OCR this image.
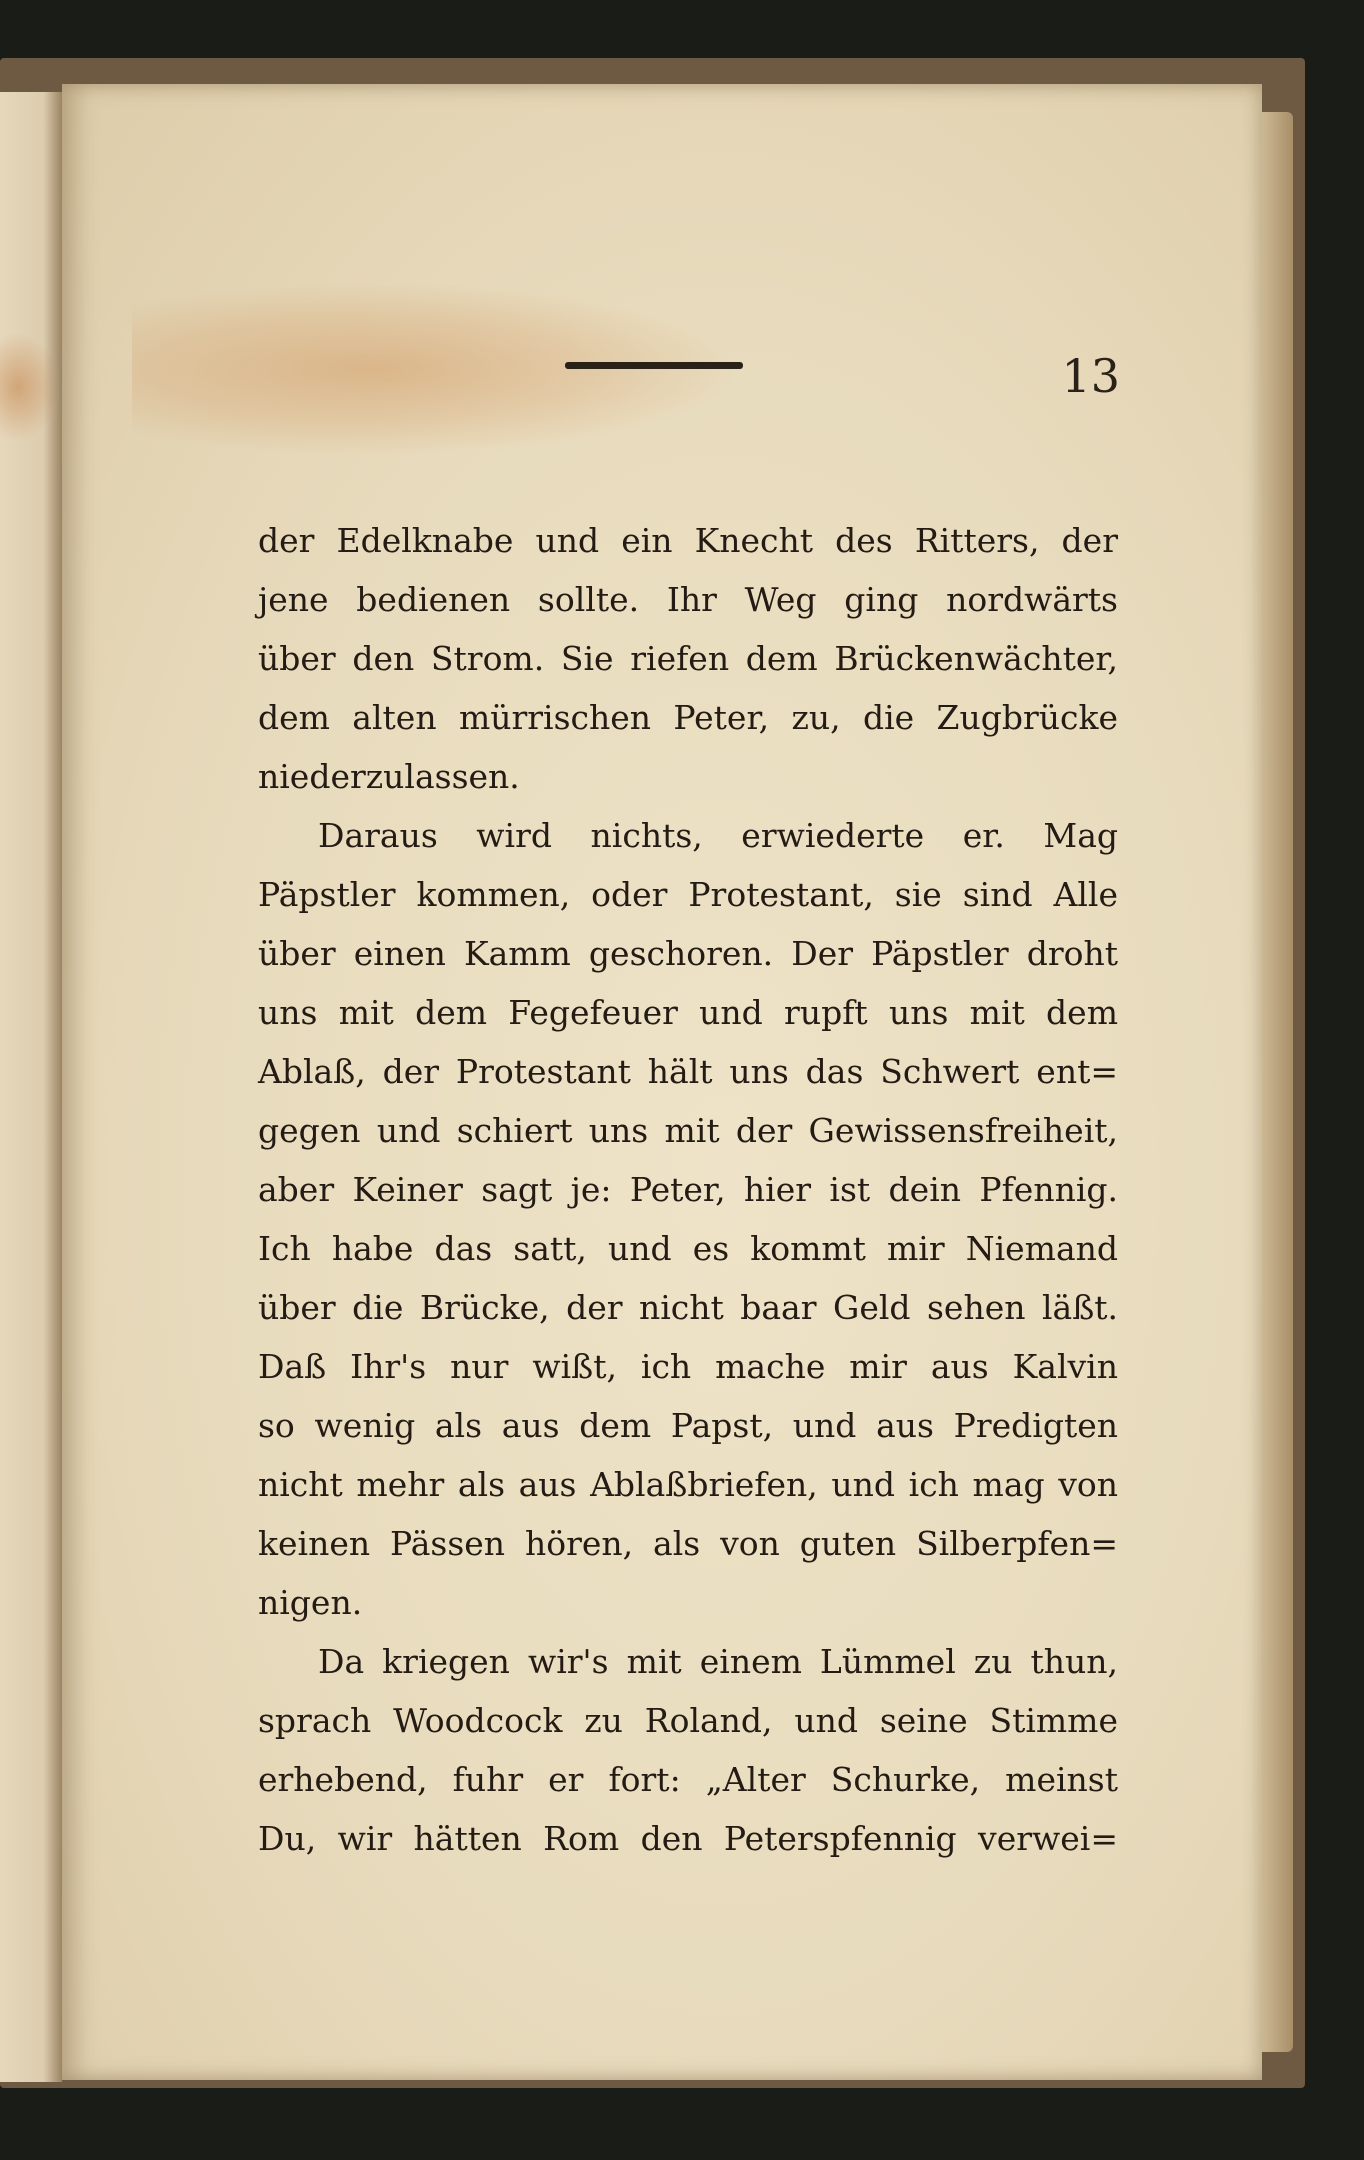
13
der Edelknabe und ein Knecht des Ritters, der
jene bedienen sollte. Ihr Weg ging nordwärts
über den Strom. Sie riefen dem Brückenwächter,
dem alten mürrischen Peter, zu, die Zugbrücke
niederzulassen.
Daraus wird nichts, erwiederte er. Mag
Päpstler kommen, oder Protestant, sie sind Alle
über einen Kamm geschoren. Der Päpstler droht
uns mit dem Fegefeuer und rupft uns mit dem
Ablaß, der Protestant hält uns das Schwert ent=
gegen und schiert uns mit der Gewissensfreiheit,
aber Keiner sagt je: Peter, hier ist dein Pfennig.
Ich habe das satt, und es kommt mir Niemand
über die Brücke, der nicht baar Geld sehen läßt.
Daß Ihr's nur wißt, ich mache mir aus Kalvin
so wenig als aus dem Papst, und aus Predigten
nicht mehr als aus Ablaßbriefen, und ich mag von
keinen Pässen hören, als von guten Silberpfen=
nigen.
Da kriegen wir's mit einem Lümmel zu thun,
sprach Woodcock zu Roland, und seine Stimme
erhebend, fuhr er fort: „Alter Schurke, meinst
Du, wir hätten Rom den Peterspfennig verwei=
